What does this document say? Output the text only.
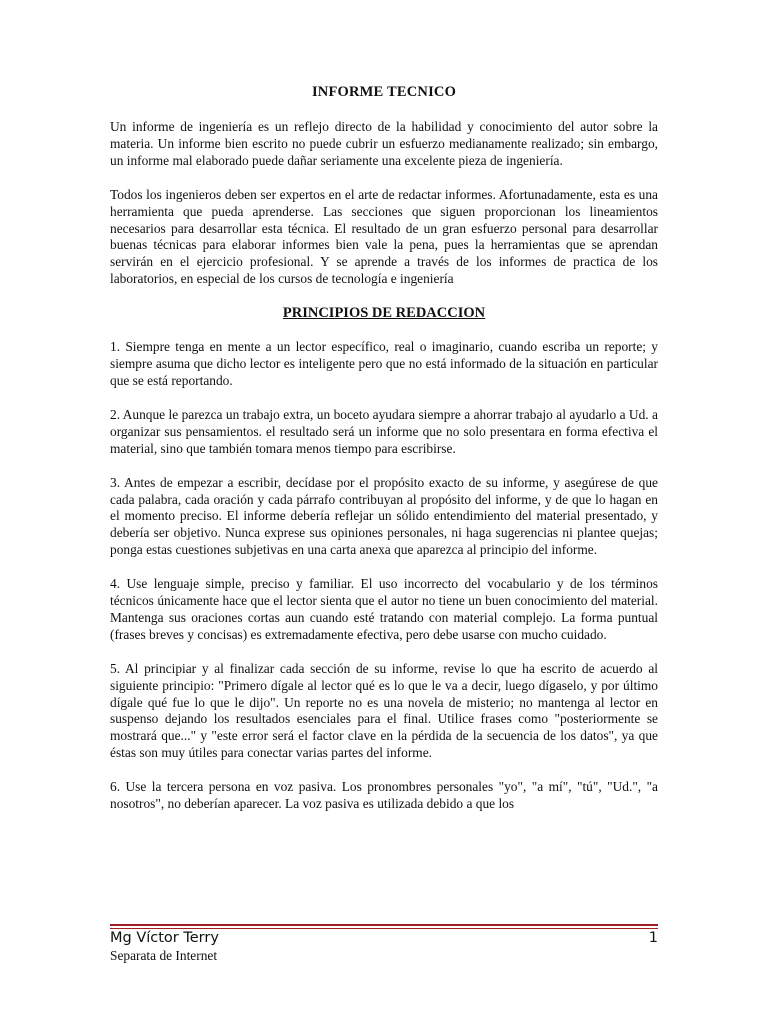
INFORME TECNICO

Un informe de ingeniería es un reflejo directo de la habilidad y conocimiento del autor sobre la materia. Un informe bien escrito no puede cubrir un esfuerzo medianamente realizado; sin embargo, un informe mal elaborado puede dañar seriamente una excelente pieza de ingeniería.

Todos los ingenieros deben ser expertos en el arte de redactar informes. Afortunadamente, esta es una herramienta que pueda aprenderse. Las secciones que siguen proporcionan los lineamientos necesarios para desarrollar esta técnica. El resultado de un gran esfuerzo personal para desarrollar buenas técnicas para elaborar informes bien vale la pena, pues la herramientas que se aprendan servirán en el ejercicio profesional. Y se aprende a través de los informes de practica de los laboratorios, en especial de los cursos de tecnología e ingeniería

PRINCIPIOS DE REDACCION

1. Siempre tenga en mente a un lector específico, real o imaginario, cuando escriba un reporte; y siempre asuma que dicho lector es inteligente pero que no está informado de la situación en particular que se está reportando.

2. Aunque le parezca un trabajo extra, un boceto ayudara siempre a ahorrar trabajo al ayudarlo a Ud. a organizar sus pensamientos. el resultado será un informe que no solo presentara en forma efectiva el material, sino que también tomara menos tiempo para escribirse.

3. Antes de empezar a escribir, decídase por el propósito exacto de su informe, y asegúrese de que cada palabra, cada oración y cada párrafo contribuyan al propósito del informe, y de que lo hagan en el momento preciso. El informe debería reflejar un sólido entendimiento del material presentado, y debería ser objetivo. Nunca exprese sus opiniones personales, ni haga sugerencias ni plantee quejas; ponga estas cuestiones subjetivas en una carta anexa que aparezca al principio del informe.

4. Use lenguaje simple, preciso y familiar. El uso incorrecto del vocabulario y de los términos técnicos únicamente hace que el lector sienta que el autor no tiene un buen conocimiento del material. Mantenga sus oraciones cortas aun cuando esté tratando con material complejo. La forma puntual (frases breves y concisas) es extremadamente efectiva, pero debe usarse con mucho cuidado.

5. Al principiar y al finalizar cada sección de su informe, revise lo que ha escrito de acuerdo al siguiente principio: "Primero dígale al lector qué es lo que le va a decir, luego dígaselo, y por último dígale qué fue lo que le dijo". Un reporte no es una novela de misterio; no mantenga al lector en suspenso dejando los resultados esenciales para el final. Utilice frases como "posteriormente se mostrará que..." y "este error será el factor clave en la pérdida de la secuencia de los datos", ya que éstas son muy útiles para conectar varias partes del informe.

6. Use la tercera persona en voz pasiva. Los pronombres personales "yo", "a mí", "tú", "Ud.", "a nosotros", no deberían aparecer. La voz pasiva es utilizada debido a que los

Mg Víctor Terry	1
Separata de Internet
